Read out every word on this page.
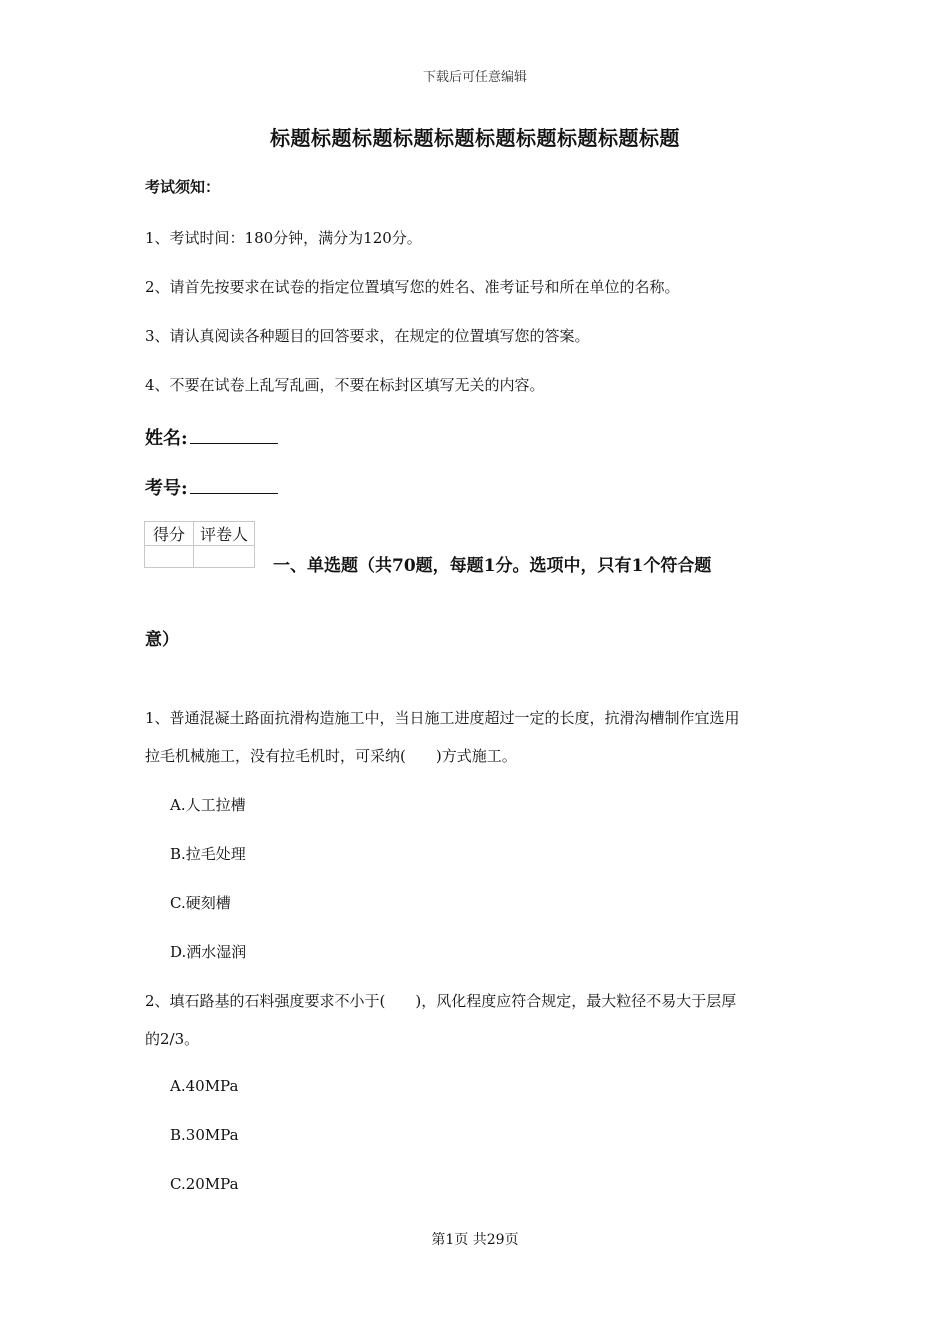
下载后可任意编辑
标题标题标题标题标题标题标题标题标题标题
考试须知：
1、考试时间：180分钟，满分为120分。
2、请首先按要求在试卷的指定位置填写您的姓名、准考证号和所在单位的名称。
3、请认真阅读各种题目的回答要求，在规定的位置填写您的答案。
4、不要在试卷上乱写乱画，不要在标封区填写无关的内容。
姓名:
考号:
得分	评卷人

一、单选题（共70题，每题1分。选项中，只有1个符合题
意）
1、普通混凝土路面抗滑构造施工中，当日施工进度超过一定的长度，抗滑沟槽制作宜选用
拉毛机械施工，没有拉毛机时，可采纳(　　)方式施工。
A.人工拉槽
B.拉毛处理
C.硬刻槽
D.洒水湿润
2、填石路基的石料强度要求不小于(　　)，风化程度应符合规定，最大粒径不易大于层厚
的2/3。
A.40MPa
B.30MPa
C.20MPa
第1页 共29页
